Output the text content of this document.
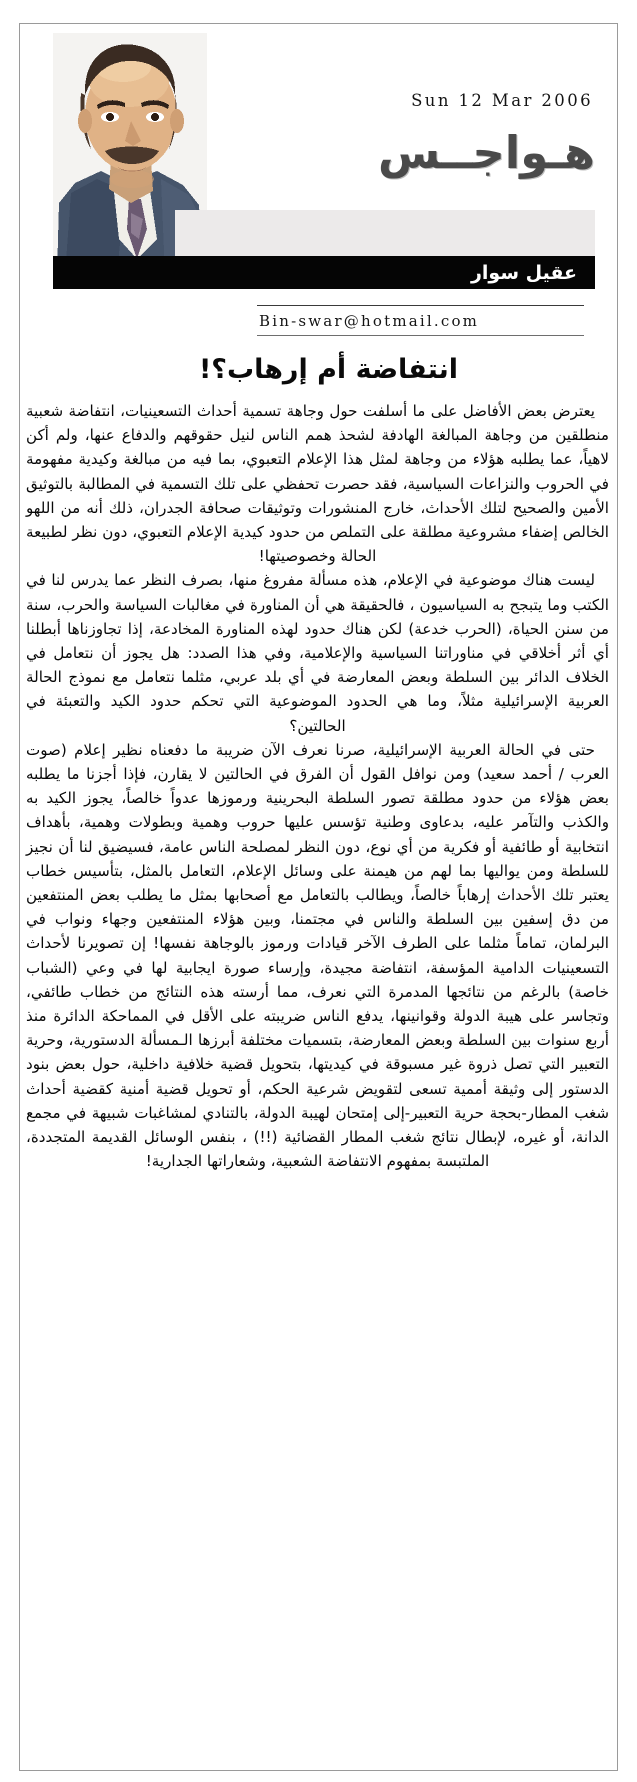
Sun 12 Mar 2006
هـواجــس
عقيل سوار
Bin-swar@hotmail.com
انتفاضة أم إرهاب؟!

يعترض بعض الأفاضل على ما أسلفت حول وجاهة تسمية أحداث التسعينيات، انتفاضة شعبية منطلقين من وجاهة المبالغة الهادفة لشحذ همم الناس لنيل حقوقهم والدفاع عنها، ولم أكن لاهياً، عما يطلبه هؤلاء من وجاهة لمثل هذا الإعلام التعبوي، بما فيه من مبالغة وكيدية مفهومة في الحروب والنزاعات السياسية، فقد حصرت تحفظي على تلك التسمية في المطالبة بالتوثيق الأمين والصحيح لتلك الأحداث، خارج المنشورات وتوثيقات صحافة الجدران، ذلك أنه من اللهو الخالص إضفاء مشروعية مطلقة على التملص من حدود كيدية الإعلام التعبوي، دون نظر لطبيعة الحالة وخصوصيتها!

ليست هناك موضوعية في الإعلام، هذه مسألة مفروغ منها، بصرف النظر عما يدرس لنا في الكتب وما يتبجح به السياسيون ، فالحقيقة هي أن المناورة في مغالبات السياسة والحرب، سنة من سنن الحياة، (الحرب خدعة) لكن هناك حدود لهذه المناورة المخادعة، إذا تجاوزناها أبطلنا أي أثر أخلاقي في مناوراتنا السياسية والإعلامية، وفي هذا الصدد: هل يجوز أن نتعامل في الخلاف الدائر بين السلطة وبعض المعارضة في أي بلد عربي، مثلما نتعامل مع نموذج الحالة العربية الإسرائيلية مثلاً، وما هي الحدود الموضوعية التي تحكم حدود الكيد والتعبئة في الحالتين؟

حتى في الحالة العربية الإسرائيلية، صرنا نعرف الآن ضريبة ما دفعناه نظير إعلام (صوت العرب / أحمد سعيد) ومن نوافل القول أن الفرق في الحالتين لا يقارن، فإذا أجزنا ما يطلبه بعض هؤلاء من حدود مطلقة تصور السلطة البحرينية ورموزها عدواً خالصاً، يجوز الكيد به والكذب والتآمر عليه، بدعاوى وطنية تؤسس عليها حروب وهمية وبطولات وهمية، بأهداف انتخابية أو طائفية أو فكرية من أي نوع، دون النظر لمصلحة الناس عامة، فسيضيق لنا أن نجيز للسلطة ومن يواليها بما لهم من هيمنة على وسائل الإعلام، التعامل بالمثل، بتأسيس خطاب يعتبر تلك الأحداث إرهاباً خالصاً، ويطالب بالتعامل مع أصحابها بمثل ما يطلب بعض المنتفعين من دق إسفين بين السلطة والناس في مجتمنا، وبين هؤلاء المنتفعين وجهاء ونواب في البرلمان، تماماً مثلما على الطرف الآخر قيادات ورموز بالوجاهة نفسها! إن تصويرنا لأحداث التسعينيات الدامية المؤسفة، انتفاضة مجيدة، وإرساء صورة ايجابية لها في وعي (الشباب خاصة) بالرغم من نتائجها المدمرة التي نعرف، مما أرسته هذه النتائج من خطاب طائفي، وتجاسر على هيبة الدولة وقوانينها، يدفع الناس ضريبته على الأقل في المماحكة الدائرة منذ أربع سنوات بين السلطة وبعض المعارضة، بتسميات مختلفة أبرزها الـمسألة الدستورية، وحرية التعبير التي تصل ذروة غير مسبوقة في كيديتها، بتحويل قضية خلافية داخلية، حول بعض بنود الدستور إلى وثيقة أممية تسعى لتقويض شرعية الحكم، أو تحويل قضية أمنية كقضية أحداث شغب المطار-بحجة حرية التعبير-إلى إمتحان لهيبة الدولة، بالتنادي لمشاغبات شبيهة في مجمع الدانة، أو غيره، لإبطال نتائج شغب المطار القضائية (!!) ، بنفس الوسائل القديمة المتجددة، الملتبسة بمفهوم الانتفاضة الشعبية، وشعاراتها الجدارية!
